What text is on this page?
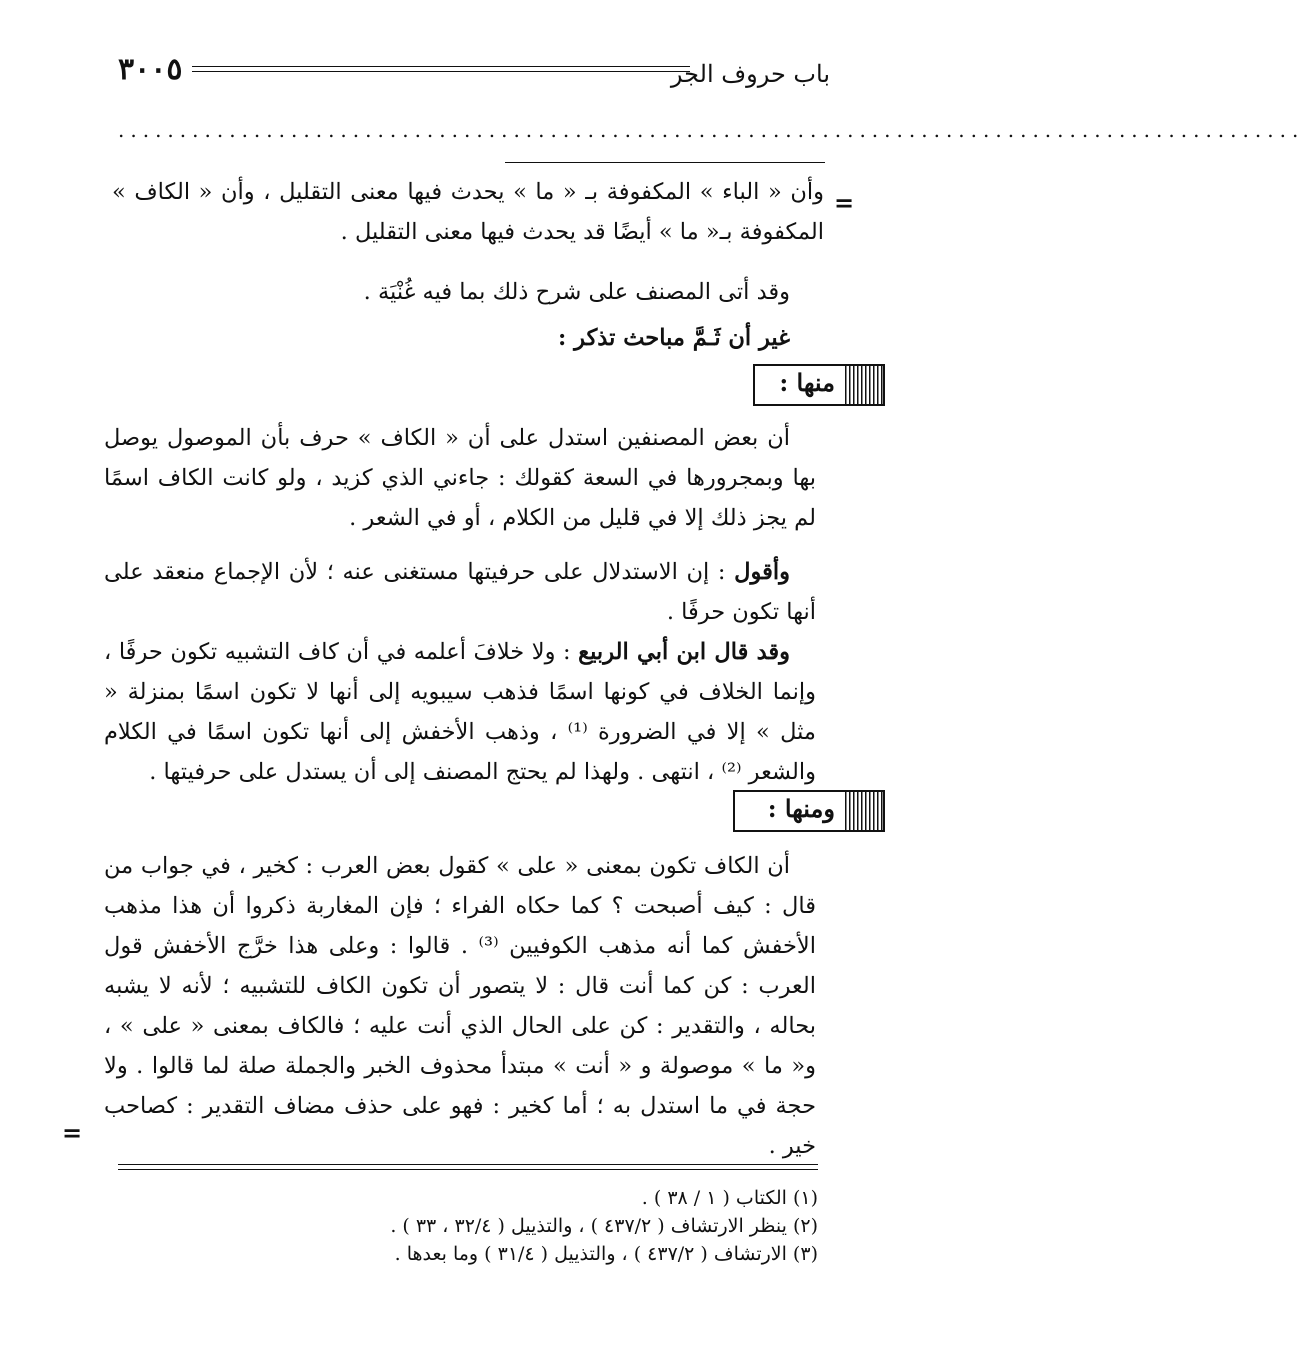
باب حروف الجر
٣٠٠٥
................................................................................................
=

وأن « الباء » المكفوفة بـ « ما » يحدث فيها معنى التقليل ، وأن « الكاف » المكفوفة بـ« ما » أيضًا قد يحدث فيها معنى التقليل .

وقد أتى المصنف على شرح ذلك بما فيه غُنْيَة .

غير أن ثَـمَّ مباحث تذكر :

منها :

أن بعض المصنفين استدل على أن « الكاف » حرف بأن الموصول يوصل بها وبمجرورها في السعة كقولك : جاءني الذي كزيد ، ولو كانت الكاف اسمًا لم يجز ذلك إلا في قليل من الكلام ، أو في الشعر .

وأقول : إن الاستدلال على حرفيتها مستغنى عنه ؛ لأن الإجماع منعقد على أنها تكون حرفًا .

وقد قال ابن أبي الربيع : ولا خلافَ أعلمه في أن كاف التشبيه تكون حرفًا ، وإنما الخلاف في كونها اسمًا فذهب سيبويه إلى أنها لا تكون اسمًا بمنزلة « مثل » إلا في الضرورة ⁽¹⁾ ، وذهب الأخفش إلى أنها تكون اسمًا في الكلام والشعر ⁽²⁾ ، انتهى . ولهذا لم يحتج المصنف إلى أن يستدل على حرفيتها .

ومنها :

أن الكاف تكون بمعنى « على » كقول بعض العرب : كخير ، في جواب من قال : كيف أصبحت ؟ كما حكاه الفراء ؛ فإن المغاربة ذكروا أن هذا مذهب الأخفش كما أنه مذهب الكوفيين ⁽³⁾ . قالوا : وعلى هذا خرَّج الأخفش قول العرب : كن كما أنت قال : لا يتصور أن تكون الكاف للتشبيه ؛ لأنه لا يشبه بحاله ، والتقدير : كن على الحال الذي أنت عليه ؛ فالكاف بمعنى « على » ، و« ما » موصولة و « أنت » مبتدأ محذوف الخبر والجملة صلة لما قالوا . ولا حجة في ما استدل به ؛ أما كخير : فهو على حذف مضاف التقدير : كصاحب خير .

=
(١) الكتاب ( ١ / ٣٨ ) .
(٢) ينظر الارتشاف ( ٤٣٧/٢ ) ، والتذييل ( ٣٢/٤ ، ٣٣ ) .
(٣) الارتشاف ( ٤٣٧/٢ ) ، والتذييل ( ٣١/٤ ) وما بعدها .
